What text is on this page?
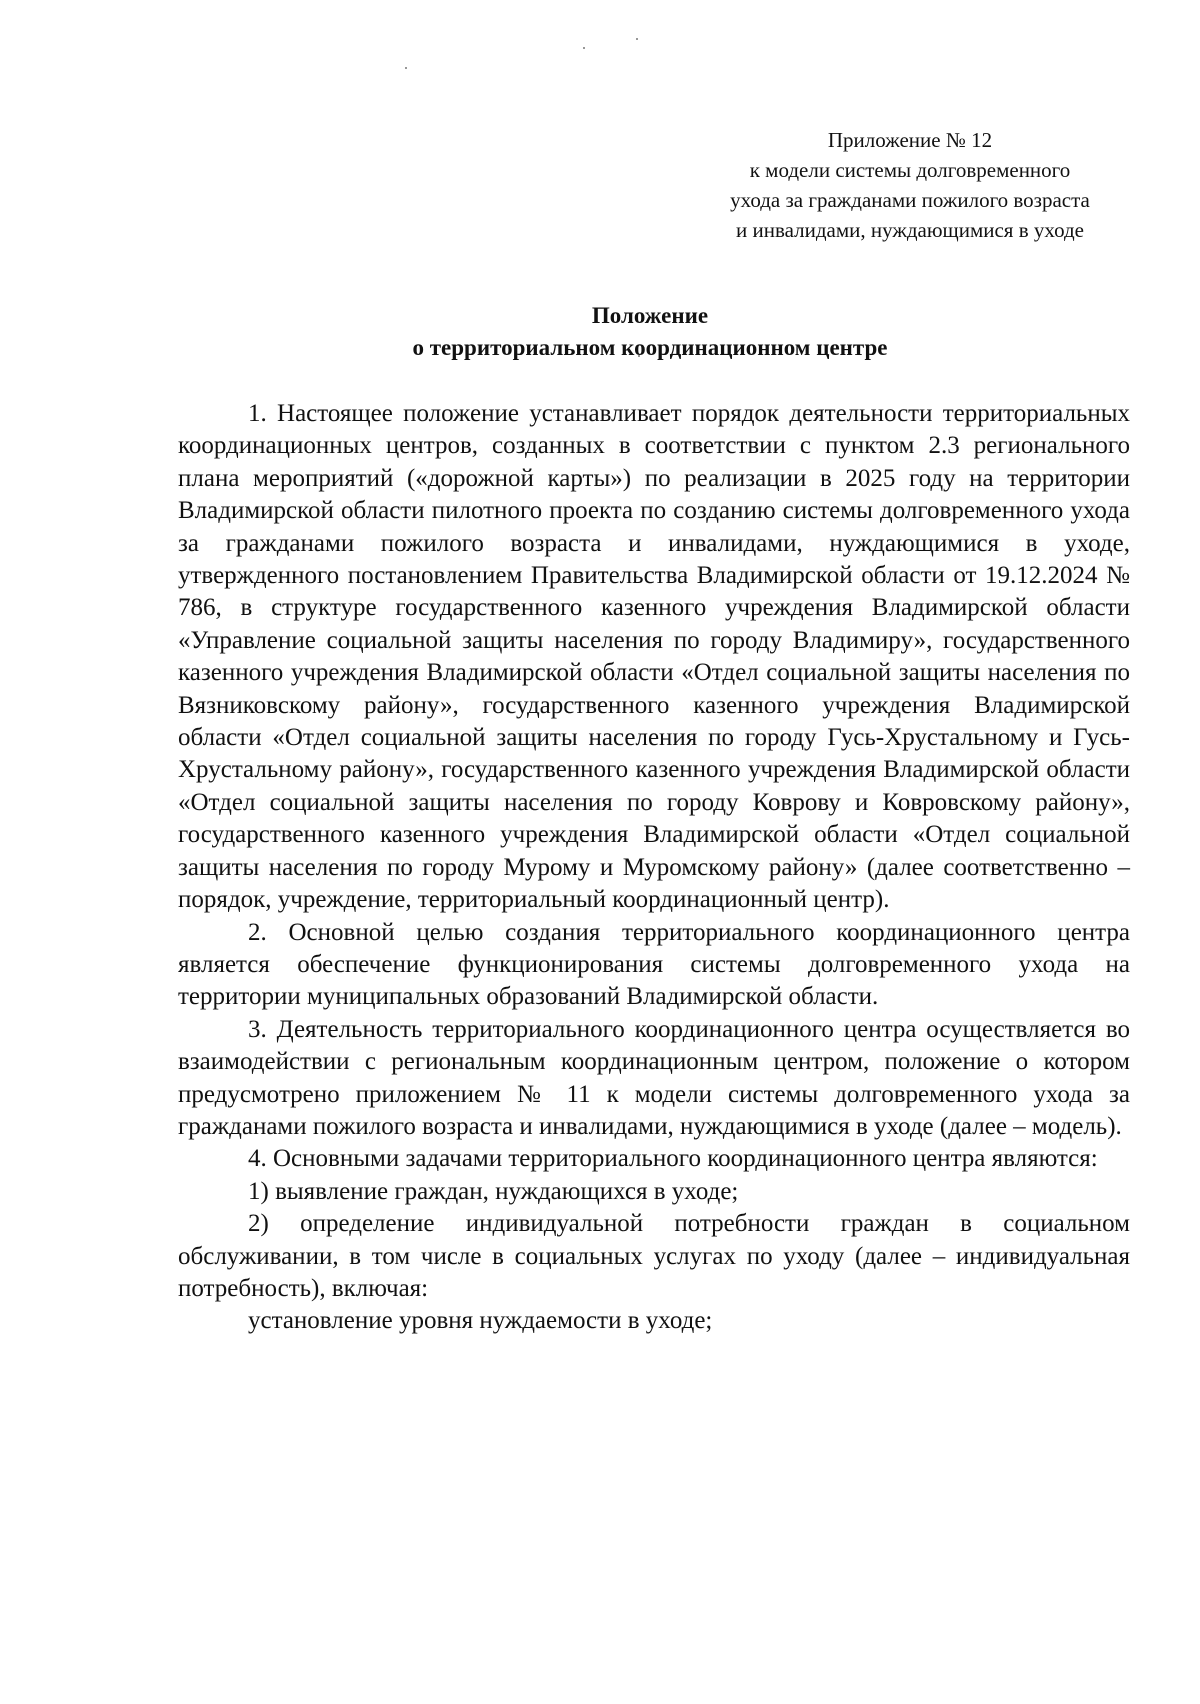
Приложение № 12
к модели системы долговременного
ухода за гражданами пожилого возраста
и инвалидами, нуждающимися в уходе
Положение
о территориальном координационном центре

1. Настоящее положение устанавливает порядок деятельности территориальных координационных центров, созданных в соответствии с пунктом 2.3 регионального плана мероприятий («дорожной карты») по реализации в 2025 году на территории Владимирской области пилотного проекта по созданию системы долговременного ухода за гражданами пожилого возраста и инвалидами, нуждающимися в уходе, утвержденного постановлением Правительства Владимирской области от 19.12.2024 № 786, в структуре государственного казенного учреждения Владимирской области «Управление социальной защиты населения по городу Владимиру», государственного казенного учреждения Владимирской области «Отдел социальной защиты населения по Вязниковскому району», государственного казенного учреждения Владимирской области «Отдел социальной защиты населения по городу Гусь-Хрустальному и Гусь-Хрустальному району», государственного казенного учреждения Владимирской области «Отдел социальной защиты населения по городу Коврову и Ковровскому району», государственного казенного учреждения Владимирской области «Отдел социальной защиты населения по городу Мурому и Муромскому району» (далее соответственно – порядок, учреждение, территориальный координационный центр).

2. Основной целью создания территориального координационного центра является обеспечение функционирования системы долговременного ухода на территории муниципальных образований Владимирской области.

3. Деятельность территориального координационного центра осуществляется во взаимодействии с региональным координационным центром, положение о котором предусмотрено приложением № 11 к модели системы долговременного ухода за гражданами пожилого возраста и инвалидами, нуждающимися в уходе (далее – модель).

4. Основными задачами территориального координационного центра являются:

1) выявление граждан, нуждающихся в уходе;

2) определение индивидуальной потребности граждан в социальном обслуживании, в том числе в социальных услугах по уходу (далее – индивидуальная потребность), включая:

установление уровня нуждаемости в уходе;
